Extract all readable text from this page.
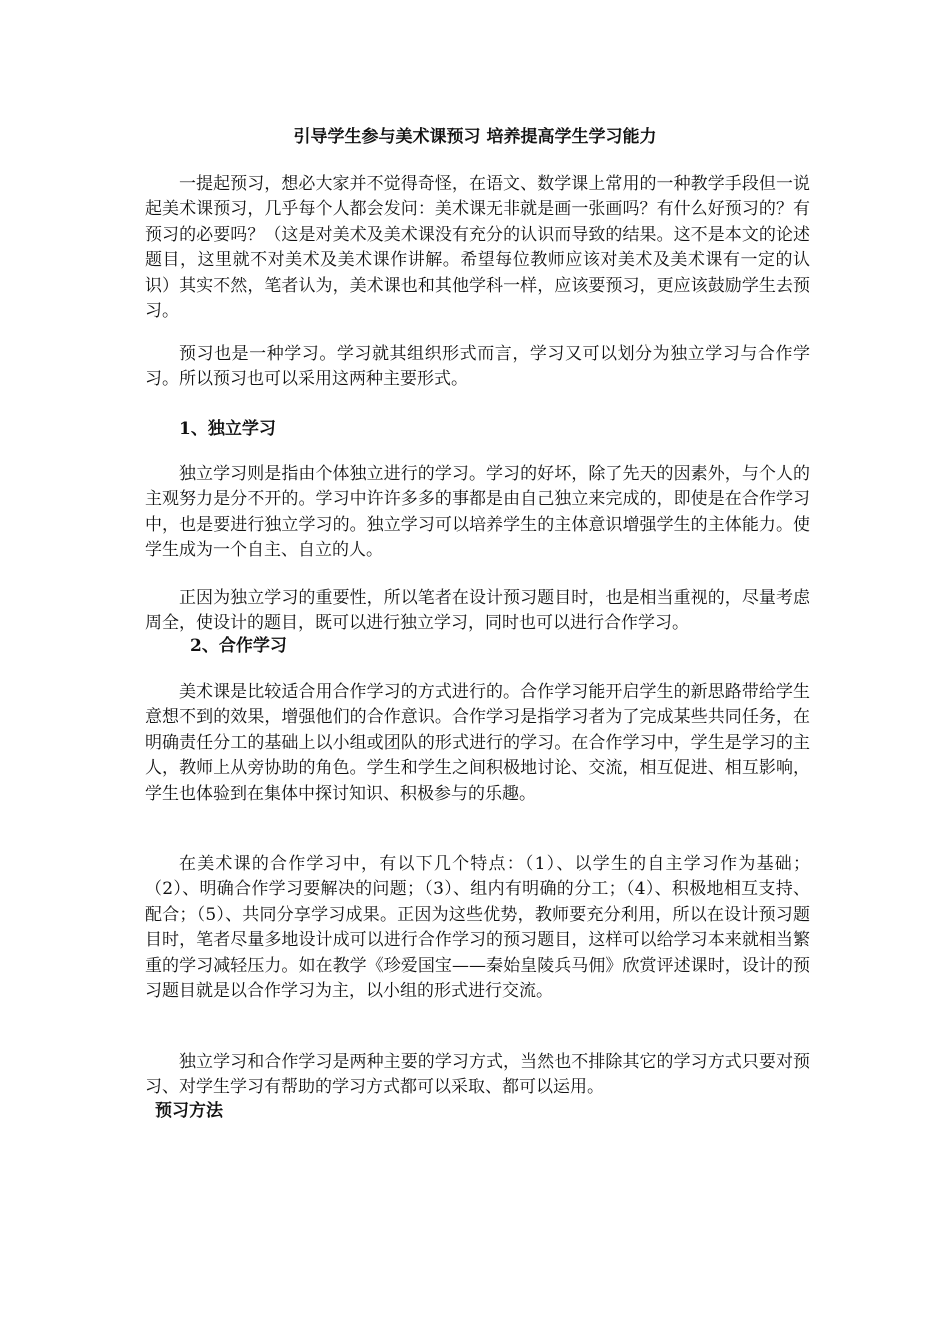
引导学生参与美术课预习 培养提高学生学习能力
一提起预习，想必大家并不觉得奇怪，在语文、数学课上常用的一种教学手段但一说起美术课预习，几乎每个人都会发问：美术课无非就是画一张画吗？有什么好预习的？有预习的必要吗？（这是对美术及美术课没有充分的认识而导致的结果。这不是本文的论述题目，这里就不对美术及美术课作讲解。希望每位教师应该对美术及美术课有一定的认识）其实不然，笔者认为，美术课也和其他学科一样，应该要预习，更应该鼓励学生去预习。
预习也是一种学习。学习就其组织形式而言，学习又可以划分为独立学习与合作学习。所以预习也可以采用这两种主要形式。
1、独立学习
独立学习则是指由个体独立进行的学习。学习的好坏，除了先天的因素外，与个人的主观努力是分不开的。学习中许许多多的事都是由自己独立来完成的，即使是在合作学习中，也是要进行独立学习的。独立学习可以培养学生的主体意识增强学生的主体能力。使学生成为一个自主、自立的人。
正因为独立学习的重要性，所以笔者在设计预习题目时，也是相当重视的，尽量考虑周全，使设计的题目，既可以进行独立学习，同时也可以进行合作学习。
2、合作学习
美术课是比较适合用合作学习的方式进行的。合作学习能开启学生的新思路带给学生意想不到的效果，增强他们的合作意识。合作学习是指学习者为了完成某些共同任务，在明确责任分工的基础上以小组或团队的形式进行的学习。在合作学习中，学生是学习的主人，教师上从旁协助的角色。学生和学生之间积极地讨论、交流，相互促进、相互影响，学生也体验到在集体中探讨知识、积极参与的乐趣。
在美术课的合作学习中，有以下几个特点：（1）、以学生的自主学习作为基础；（2）、明确合作学习要解决的问题；（3）、组内有明确的分工；（4）、积极地相互支持、配合；（5）、共同分享学习成果。正因为这些优势，教师要充分利用，所以在设计预习题目时，笔者尽量多地设计成可以进行合作学习的预习题目，这样可以给学习本来就相当繁重的学习减轻压力。如在教学《珍爱国宝——秦始皇陵兵马佣》欣赏评述课时，设计的预习题目就是以合作学习为主，以小组的形式进行交流。
独立学习和合作学习是两种主要的学习方式，当然也不排除其它的学习方式只要对预习、对学生学习有帮助的学习方式都可以采取、都可以运用。
预习方法
